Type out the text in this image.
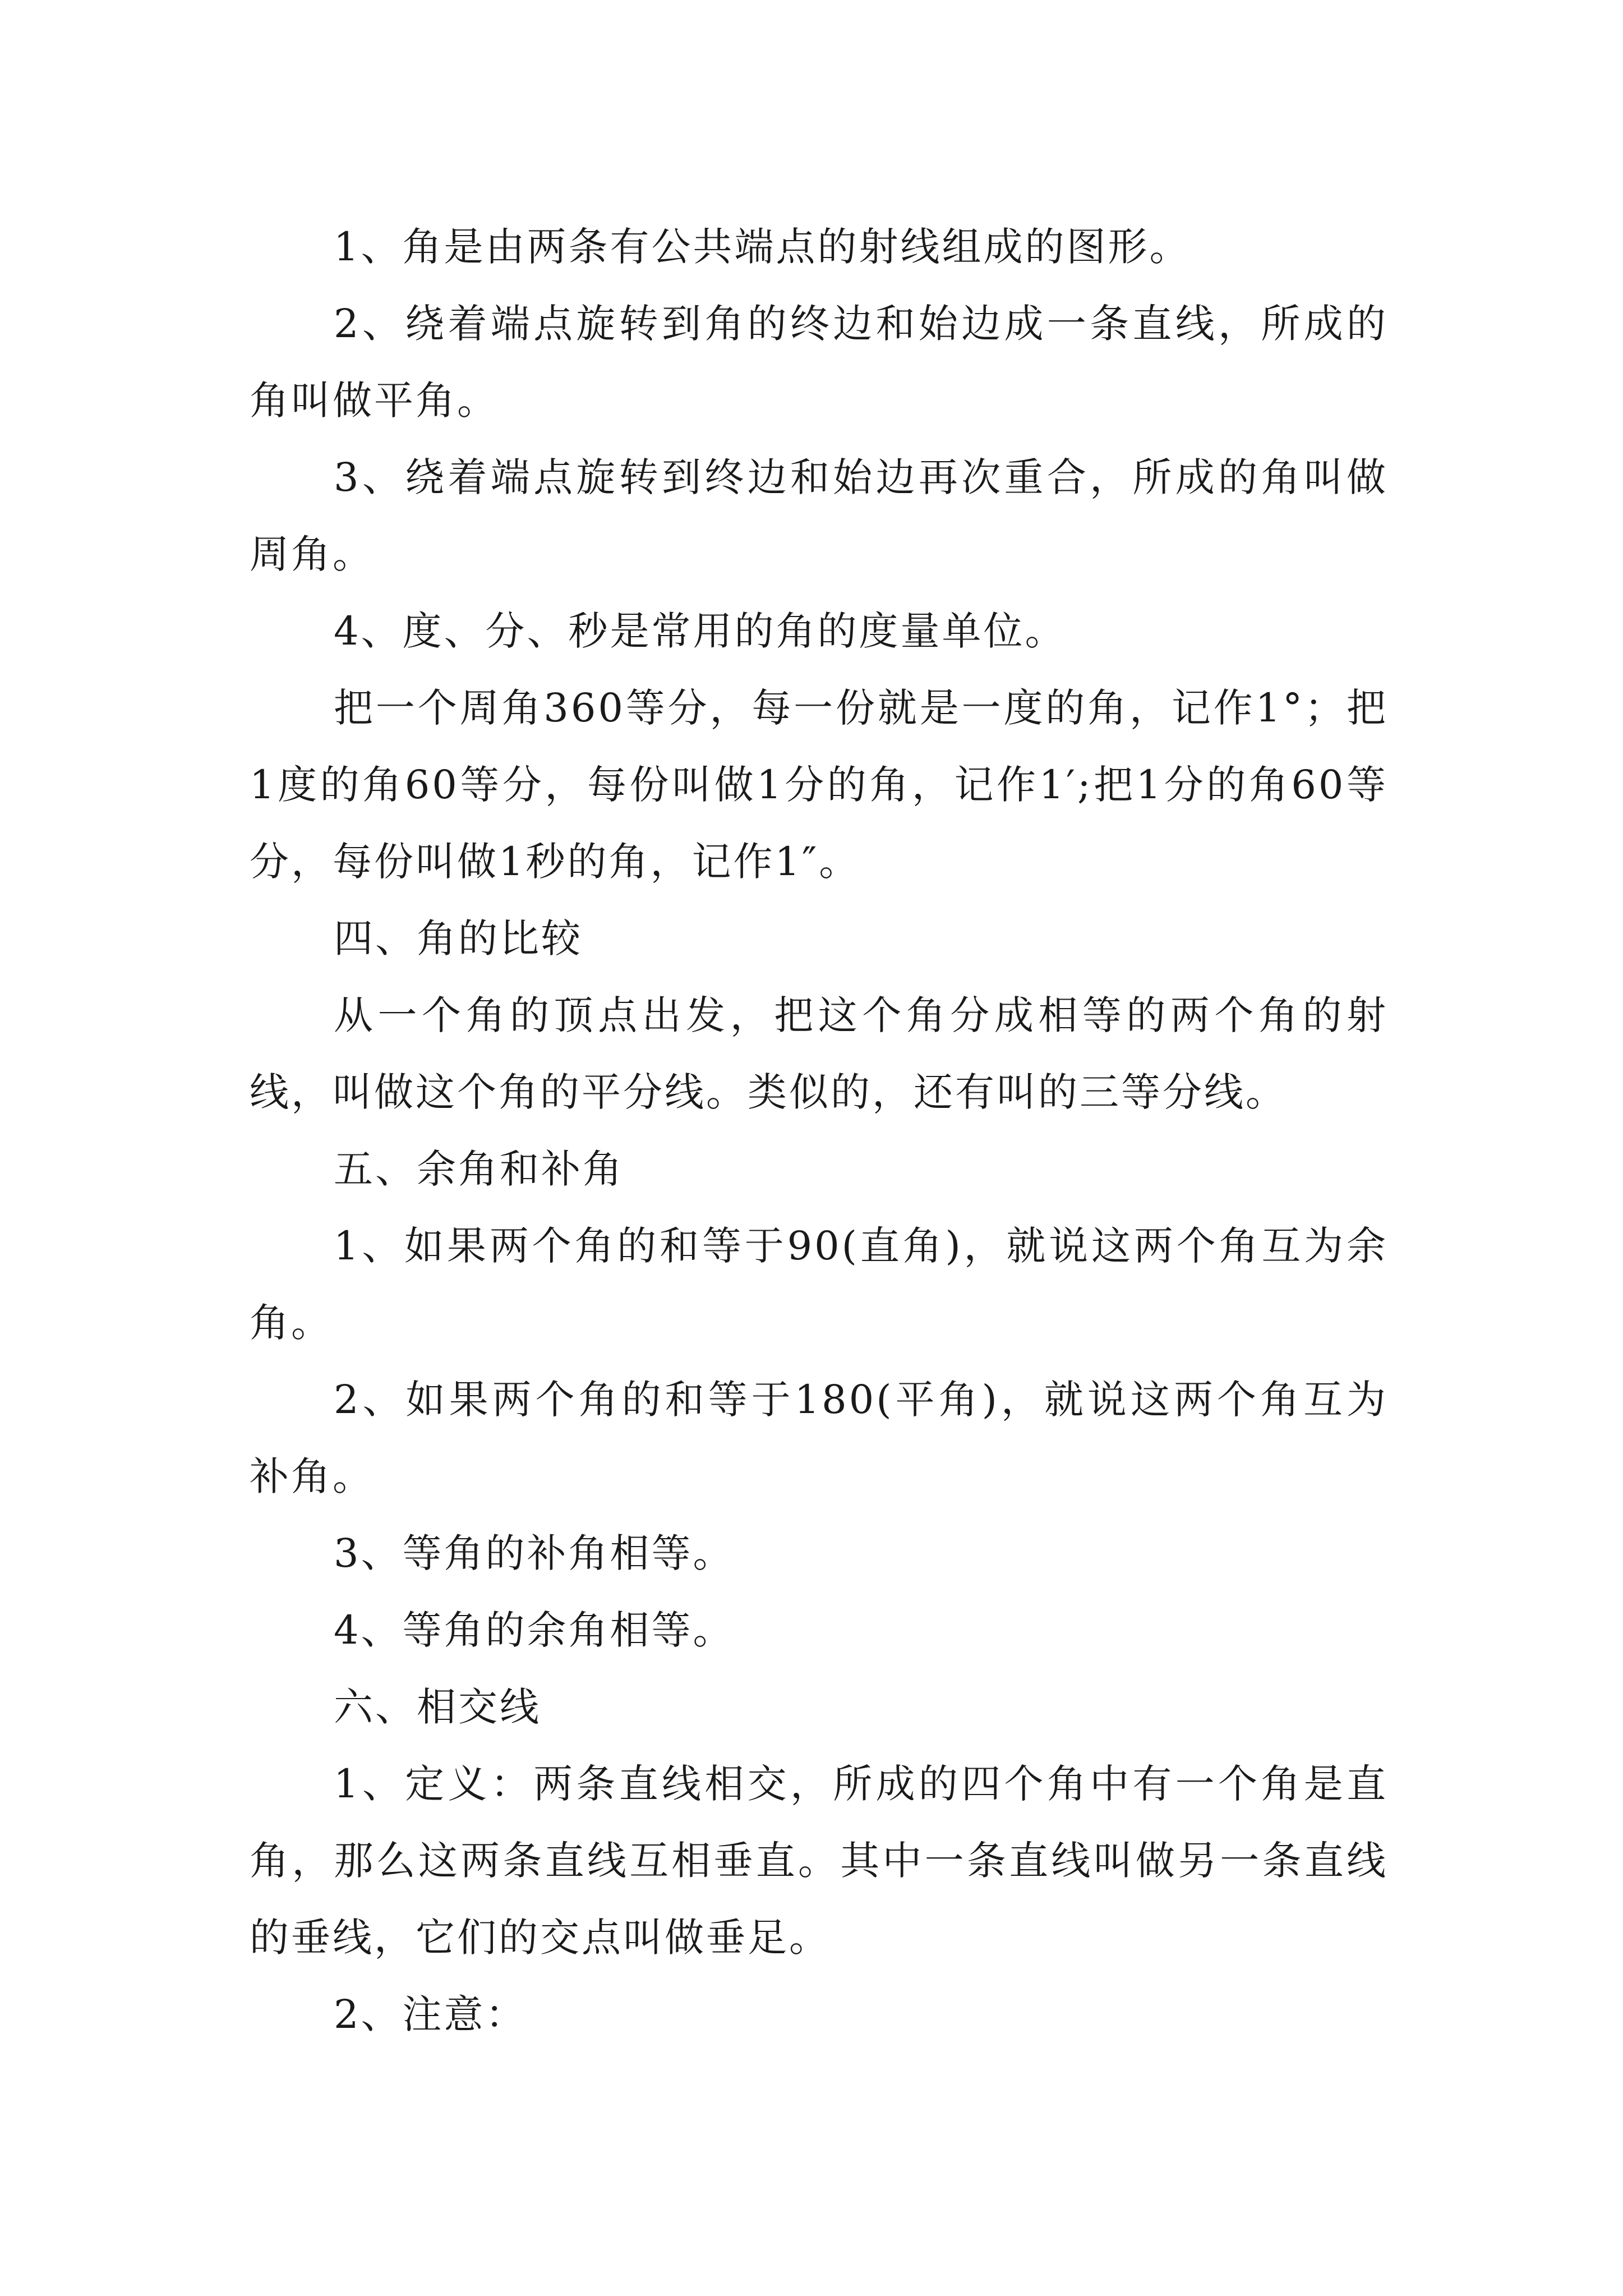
1、角是由两条有公共端点的射线组成的图形。

2、绕着端点旋转到角的终边和始边成一条直线，所成的角叫做平角。

3、绕着端点旋转到终边和始边再次重合，所成的角叫做周角。

4、度、分、秒是常用的角的度量单位。

把一个周角360等分，每一份就是一度的角，记作1°；把1度的角60等分，每份叫做1分的角，记作1′;把1分的角60等分，每份叫做1秒的角，记作1″。

四、角的比较

从一个角的顶点出发，把这个角分成相等的两个角的射线，叫做这个角的平分线。类似的，还有叫的三等分线。

五、余角和补角

1、如果两个角的和等于90(直角)，就说这两个角互为余角。

2、如果两个角的和等于180(平角)，就说这两个角互为补角。

3、等角的补角相等。

4、等角的余角相等。

六、相交线

1、定义：两条直线相交，所成的四个角中有一个角是直角，那么这两条直线互相垂直。其中一条直线叫做另一条直线的垂线，它们的交点叫做垂足。

2、注意：
